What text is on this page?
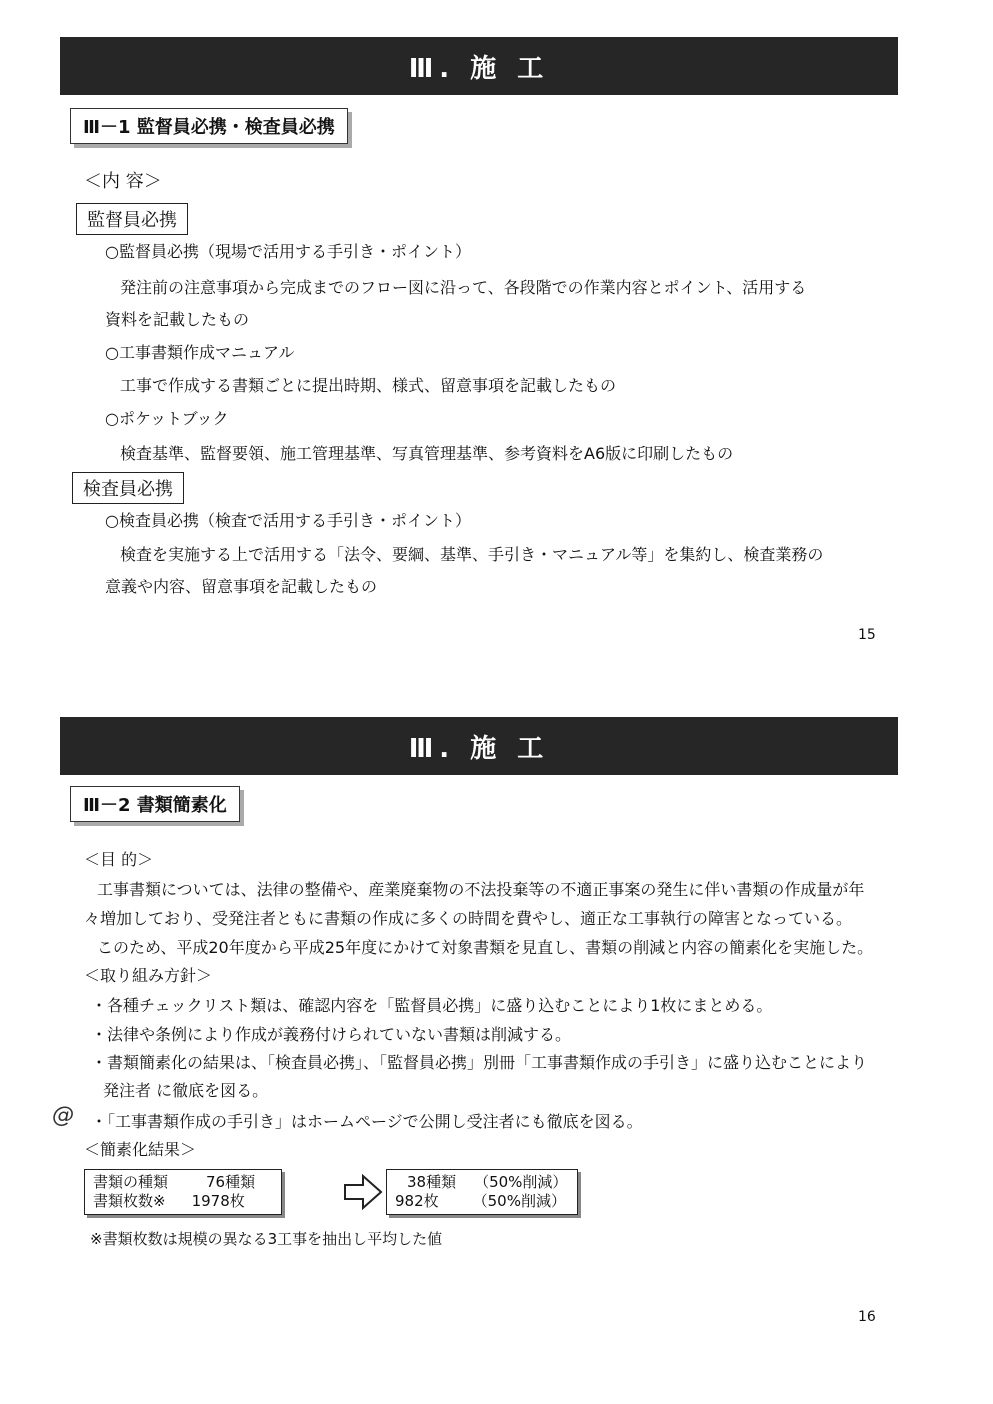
Ⅲ. 施 工
Ⅲ－1 監督員必携・検査員必携
＜内 容＞
監督員必携
○監督員必携（現場で活用する手引き・ポイント）
発注前の注意事項から完成までのフロー図に沿って、各段階での作業内容とポイント、活用する
資料を記載したもの
○工事書類作成マニュアル
工事で作成する書類ごとに提出時期、様式、留意事項を記載したもの
○ポケットブック
検査基準、監督要領、施工管理基準、写真管理基準、参考資料をA6版に印刷したもの
検査員必携
○検査員必携（検査で活用する手引き・ポイント）
検査を実施する上で活用する「法令、要綱、基準、手引き・マニュアル等」を集約し、検査業務の
意義や内容、留意事項を記載したもの
15
Ⅲ. 施 工
Ⅲ－2 書類簡素化
＜目 的＞
工事書類については、法律の整備や、産業廃棄物の不法投棄等の不適正事案の発生に伴い書類の作成量が年
々増加しており、受発注者ともに書類の作成に多くの時間を費やし、適正な工事執行の障害となっている。
このため、平成20年度から平成25年度にかけて対象書類を見直し、書類の削減と内容の簡素化を実施した。
＜取り組み方針＞
・各種チェックリスト類は、確認内容を「監督員必携」に盛り込むことにより1枚にまとめる。
・法律や条例により作成が義務付けられていない書類は削減する。
・書類簡素化の結果は、「検査員必携」、「監督員必携」別冊「工事書類作成の手引き」に盛り込むことにより
発注者 に徹底を図る。
@ ・「工事書類作成の手引き」はホームページで公開し受注者にも徹底を図る。
＜簡素化結果＞
書類の種類	76種類
書類枚数※ 1978枚
38種類 （50%削減）
982枚 （50%削減）
※書類枚数は規模の異なる3工事を抽出し平均した値
16
